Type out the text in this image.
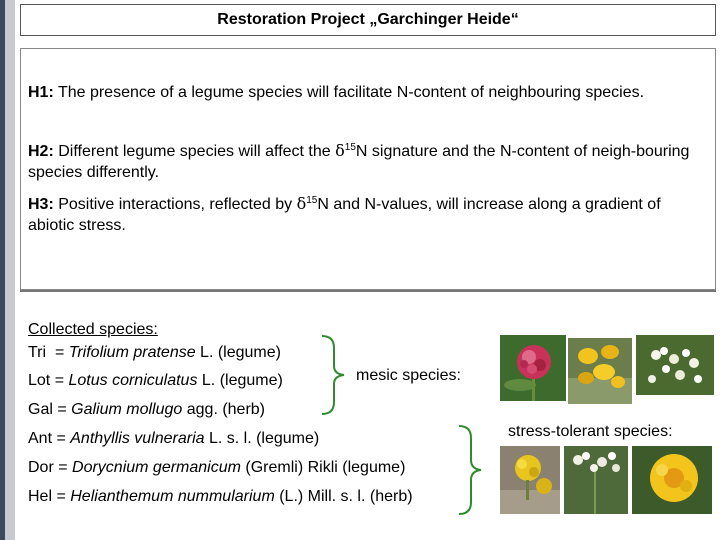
Restoration Project „Garchinger Heide“
H1: The presence of a legume species will facilitate N-content of neighbouring species.
H2: Different legume species will affect the $\delta^{15}N$ signature and the N-content of neigh-bouring species differently.
H3: Positive interactions, reflected by $\delta^{15}N$ and N-values, will increase along a gradient of abiotic stress.
Collected species:
Tri  = Trifolium pratense L. (legume)
Lot = Lotus corniculatus L. (legume)
Gal = Galium mollugo agg. (herb)
Ant = Anthyllis vulneraria L. s. l. (legume)
Dor = Dorycnium germanicum (Gremli) Rikli (legume)
Hel = Helianthemum nummularium (L.) Mill. s. l. (herb)
mesic species:
stress-tolerant species:
